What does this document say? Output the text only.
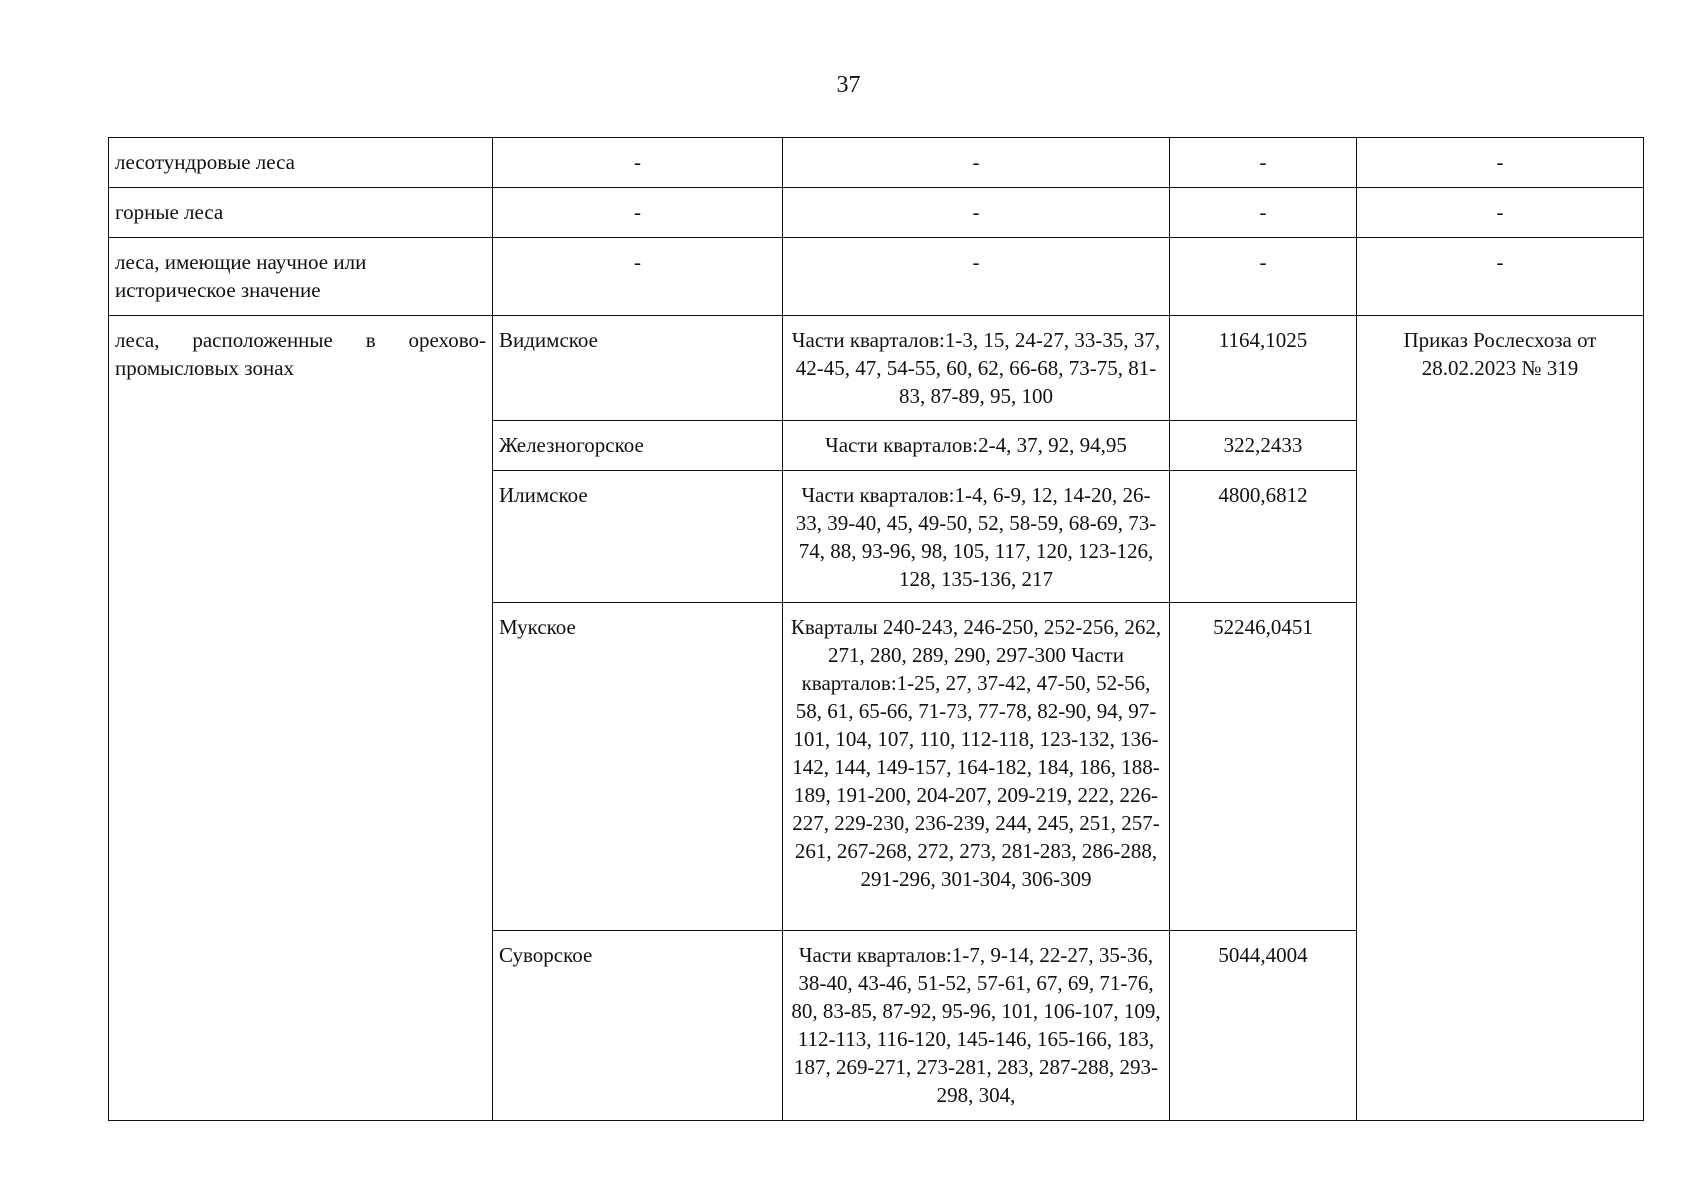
37
лесотундровые леса	-	-	-	-
горные леса	-	-	-	-
леса, имеющие научное или историческое значение	-	-	-	-
леса, расположенные в орехово-промысловых зонах	Видимское	Части кварталов:1-3, 15, 24-27, 33-35, 37, 42-45, 47, 54-55, 60, 62, 66-68, 73-75, 81-83, 87-89, 95, 100	1164,1025	Приказ Рослесхоза от 28.02.2023 № 319
	Железногорское	Части кварталов:2-4, 37, 92, 94,95	322,2433	
	Илимское	Части кварталов:1-4, 6-9, 12, 14-20, 26-33, 39-40, 45, 49-50, 52, 58-59, 68-69, 73-74, 88, 93-96, 98, 105, 117, 120, 123-126, 128, 135-136, 217	4800,6812	
	Мукское	Кварталы 240-243, 246-250, 252-256, 262, 271, 280, 289, 290, 297-300 Части кварталов:1-25, 27, 37-42, 47-50, 52-56, 58, 61, 65-66, 71-73, 77-78, 82-90, 94, 97-101, 104, 107, 110, 112-118, 123-132, 136-142, 144, 149-157, 164-182, 184, 186, 188-189, 191-200, 204-207, 209-219, 222, 226-227, 229-230, 236-239, 244, 245, 251, 257-261, 267-268, 272, 273, 281-283, 286-288, 291-296, 301-304, 306-309	52246,0451	
	Суворское	Части кварталов:1-7, 9-14, 22-27, 35-36, 38-40, 43-46, 51-52, 57-61, 67, 69, 71-76, 80, 83-85, 87-92, 95-96, 101, 106-107, 109, 112-113, 116-120, 145-146, 165-166, 183, 187, 269-271, 273-281, 283, 287-288, 293-298, 304,	5044,4004	
